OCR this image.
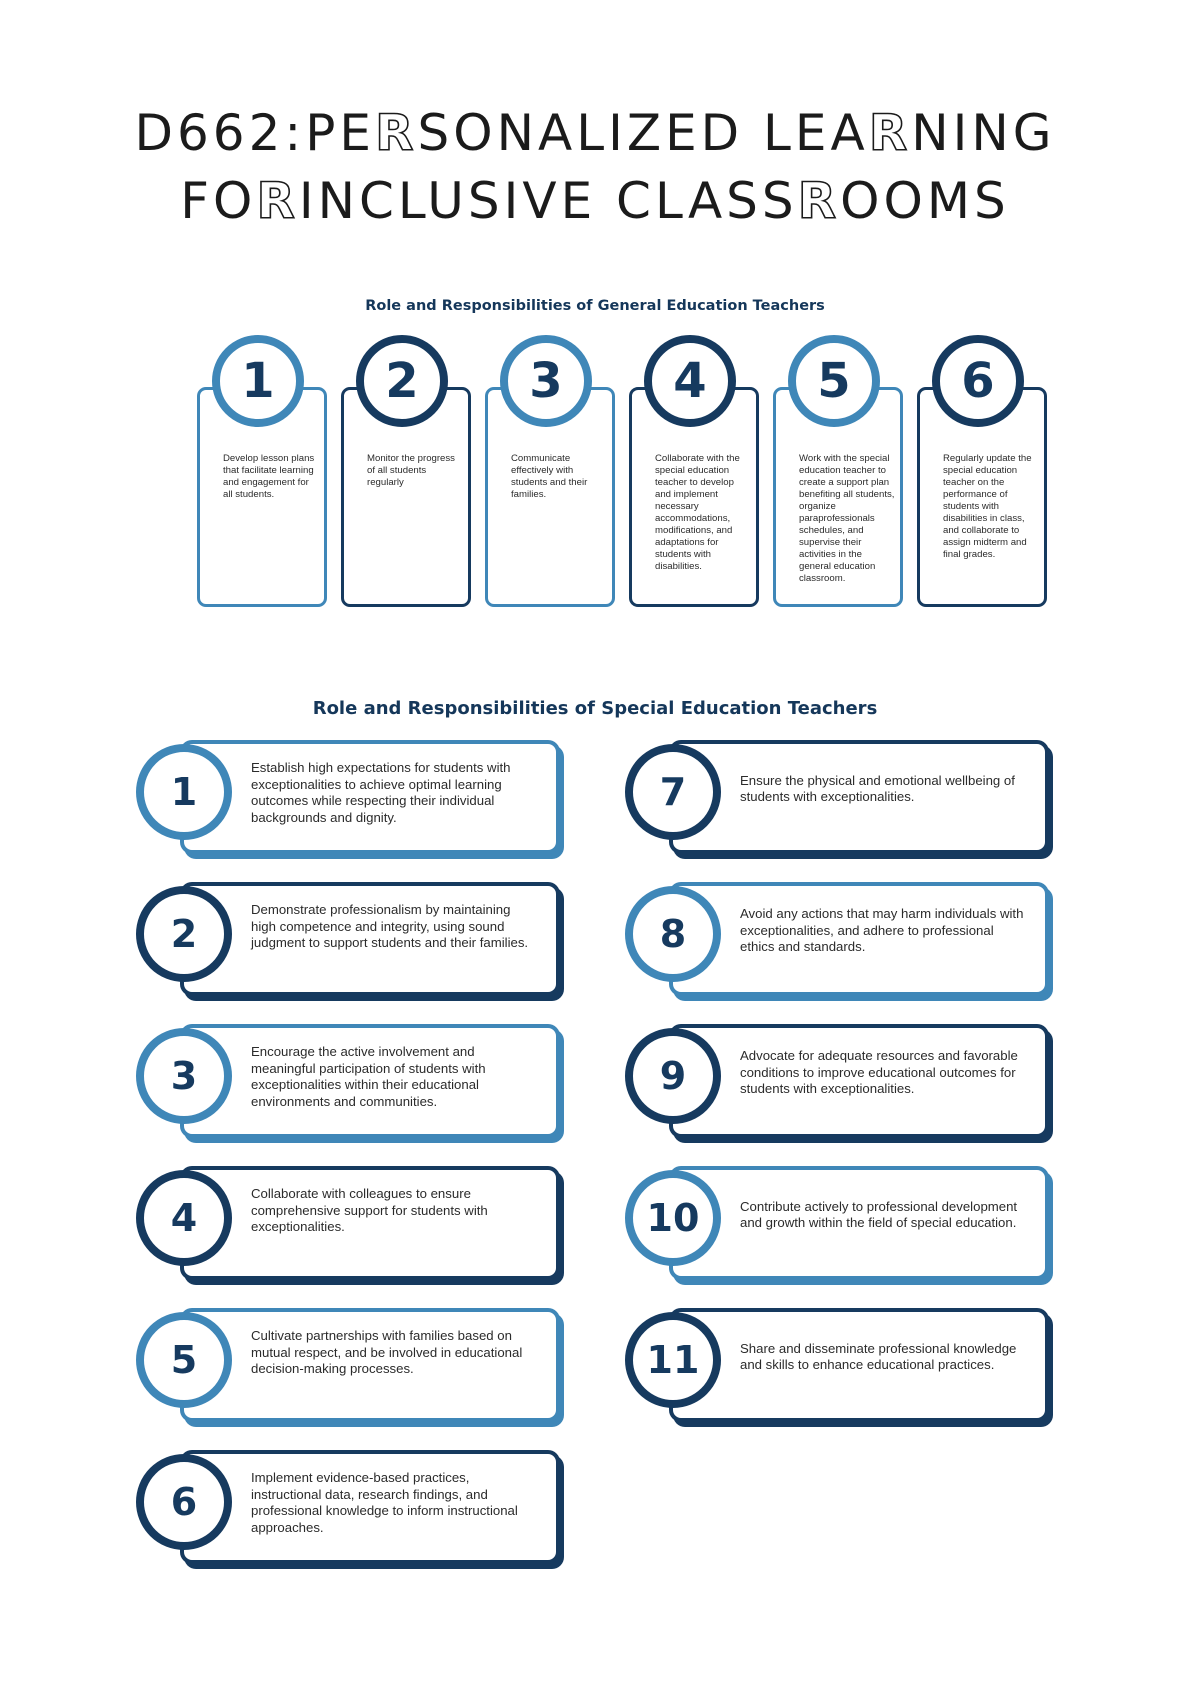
D662:PERSONALIZED LEARNING
FORINCLUSIVE CLASSROOMS
Role and Responsibilities of General Education Teachers
1
Develop lesson plans that facilitate learning and engagement for all students.
2
Monitor the progress of all students regularly
3
Communicate effectively with students and their families.
4
Collaborate with the special education teacher to develop and implement necessary accommodations, modifications, and adaptations for students with disabilities.
5
Work with the special education teacher to create a support plan benefiting all students, organize paraprofessionals schedules, and supervise their activities in the general education classroom.
6
Regularly update the special education teacher on the performance of students with disabilities in class, and collaborate to assign midterm and final grades.
Role and Responsibilities of Special Education Teachers
1
Establish high expectations for students with exceptionalities to achieve optimal learning outcomes while respecting their individual backgrounds and dignity.
2
Demonstrate professionalism by maintaining high competence and integrity, using sound judgment to support students and their families.
3
Encourage the active involvement and meaningful participation of students with exceptionalities within their educational environments and communities.
4
Collaborate with colleagues to ensure comprehensive support for students with exceptionalities.
5
Cultivate partnerships with families based on mutual respect, and be involved in educational decision-making processes.
6
Implement evidence-based practices, instructional data, research findings, and professional knowledge to inform instructional approaches.
7	Ensure the physical and emotional wellbeing of students with exceptionalities.
8	Avoid any actions that may harm individuals with exceptionalities, and adhere to professional ethics and standards.
9	Advocate for adequate resources and favorable conditions to improve educational outcomes for students with exceptionalities.
10	Contribute actively to professional development and growth within the field of special education.
11	Share and disseminate professional knowledge and skills to enhance educational practices.
